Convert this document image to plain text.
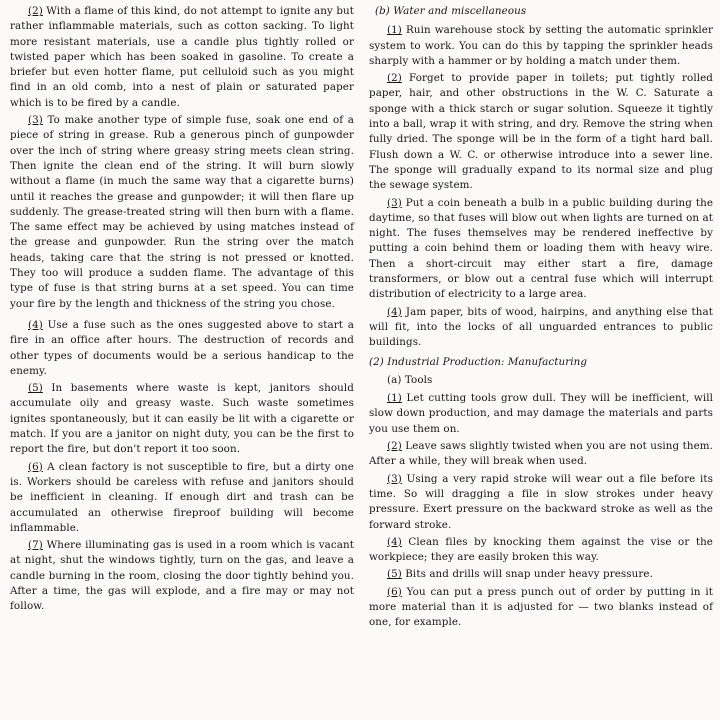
(2) With a flame of this kind, do not attempt to ignite any but rather inflammable materials, such as cotton sacking. To light more resistant materials, use a candle plus tightly rolled or twisted paper which has been soaked in gasoline. To create a briefer but even hotter flame, put celluloid such as you might find in an old comb, into a nest of plain or saturated paper which is to be fired by a candle.

(3) To make another type of simple fuse, soak one end of a piece of string in grease. Rub a generous pinch of gunpowder over the inch of string where greasy string meets clean string. Then ignite the clean end of the string. It will burn slowly without a flame (in much the same way that a cigarette burns) until it reaches the grease and gunpowder; it will then flare up suddenly. The grease-treated string will then burn with a flame. The same effect may be achieved by using matches instead of the grease and gunpowder. Run the string over the match heads, taking care that the string is not pressed or knotted. They too will produce a sudden flame. The advantage of this type of fuse is that string burns at a set speed. You can time your fire by the length and thickness of the string you chose.

(4) Use a fuse such as the ones suggested above to start a fire in an office after hours. The destruction of records and other types of documents would be a serious handicap to the enemy.

(5) In basements where waste is kept, janitors should accumulate oily and greasy waste. Such waste sometimes ignites spontaneously, but it can easily be lit with a cigarette or match. If you are a janitor on night duty, you can be the first to report the fire, but don't report it too soon.

(6) A clean factory is not susceptible to fire, but a dirty one is. Workers should be careless with refuse and janitors should be inefficient in cleaning. If enough dirt and trash can be accumulated an otherwise fireproof building will become inflammable.

(7) Where illuminating gas is used in a room which is vacant at night, shut the windows tightly, turn on the gas, and leave a candle burning in the room, closing the door tightly behind you. After a time, the gas will explode, and a fire may or may not follow.

(b) Water and miscellaneous

(1) Ruin warehouse stock by setting the automatic sprinkler system to work. You can do this by tapping the sprinkler heads sharply with a hammer or by holding a match under them.

(2) Forget to provide paper in toilets; put tightly rolled paper, hair, and other obstructions in the W. C. Saturate a sponge with a thick starch or sugar solution. Squeeze it tightly into a ball, wrap it with string, and dry. Remove the string when fully dried. The sponge will be in the form of a tight hard ball. Flush down a W. C. or otherwise introduce into a sewer line. The sponge will gradually expand to its normal size and plug the sewage system.

(3) Put a coin beneath a bulb in a public building during the daytime, so that fuses will blow out when lights are turned on at night. The fuses themselves may be rendered ineffective by putting a coin behind them or loading them with heavy wire. Then a short-circuit may either start a fire, damage transformers, or blow out a central fuse which will interrupt distribution of electricity to a large area.

(4) Jam paper, bits of wood, hairpins, and anything else that will fit, into the locks of all unguarded entrances to public buildings.

(2) Industrial Production: Manufacturing
(a) Tools

(1) Let cutting tools grow dull. They will be inefficient, will slow down production, and may damage the materials and parts you use them on.

(2) Leave saws slightly twisted when you are not using them. After a while, they will break when used.

(3) Using a very rapid stroke will wear out a file before its time. So will dragging a file in slow strokes under heavy pressure. Exert pressure on the backward stroke as well as the forward stroke.

(4) Clean files by knocking them against the vise or the workpiece; they are easily broken this way.

(5) Bits and drills will snap under heavy pressure.

(6) You can put a press punch out of order by putting in it more material than it is adjusted for — two blanks instead of one, for example.
